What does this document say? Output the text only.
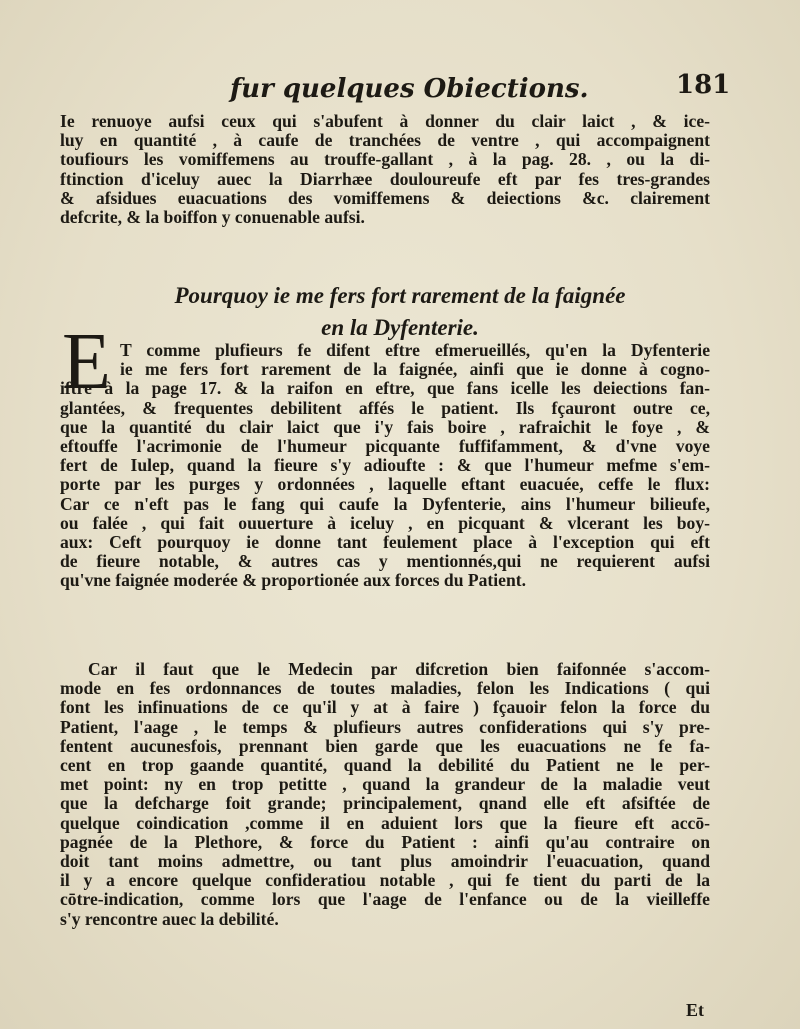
fur quelques Obiections.	181
Ie renuoye aufsi ceux qui s'abufent à donner du clair laict , & ice-
luy en quantité , à caufe de tranchées de ventre , qui accompaignent
toufiours les vomiffemens au trouffe-gallant , à la pag. 28. , ou la di-
ftinction d'iceluy auec la Diarrhæe douloureufe eft par fes tres-grandes
& afsidues euacuations des vomiffemens & deiections &c. clairement
defcrite, & la boiffon y conuenable aufsi.
Pourquoy ie me fers fort rarement de la faignée
en la Dyfenterie.
E T comme plufieurs fe difent eftre efmerueillés, qu'en la Dyfenterie
ie me fers fort rarement de la faignée, ainfi que ie donne à cogno-
iftre à la page 17. & la raifon en eftre, que fans icelle les deiections fan-
glantées, & frequentes debilitent affés le patient. Ils fçauront outre ce,
que la quantité du clair laict que i'y fais boire , rafraichit le foye , &
eftouffe l'acrimonie de l'humeur picquante fuffifamment, & d'vne voye
fert de Iulep, quand la fieure s'y adioufte : & que l'humeur mefme s'em-
porte par les purges y ordonnées , laquelle eftant euacuée, ceffe le flux:
Car ce n'eft pas le fang qui caufe la Dyfenterie, ains l'humeur bilieufe,
ou falée , qui fait ouuerture à iceluy , en picquant & vlcerant les boy-
aux: Ceft pourquoy ie donne tant feulement place à l'exception qui eft
de fieure notable, & autres cas y mentionnés,qui ne requierent aufsi
qu'vne faignée moderée & proportionée aux forces du Patient.
Car il faut que le Medecin par difcretion bien faifonnée s'accom-
mode en fes ordonnances de toutes maladies, felon les Indications ( qui
font les infinuations de ce qu'il y at à faire ) fçauoir felon la force du
Patient, l'aage , le temps & plufieurs autres confiderations qui s'y pre-
fentent aucunesfois, prennant bien garde que les euacuations ne fe fa-
cent en trop gaande quantité, quand la debilité du Patient ne le per-
met point: ny en trop petitte , quand la grandeur de la maladie veut
que la defcharge foit grande; principalement, qnand elle eft afsiftée de
quelque coindication ,comme il en aduient lors que la fieure eft accō-
pagnée de la Plethore, & force du Patient : ainfi qu'au contraire on
doit tant moins admettre, ou tant plus amoindrir l'euacuation, quand
il y a encore quelque confideratiou notable , qui fe tient du parti de la
cōtre-indication, comme lors que l'aage de l'enfance ou de la vieilleffe
s'y rencontre auec la debilité.
Et
